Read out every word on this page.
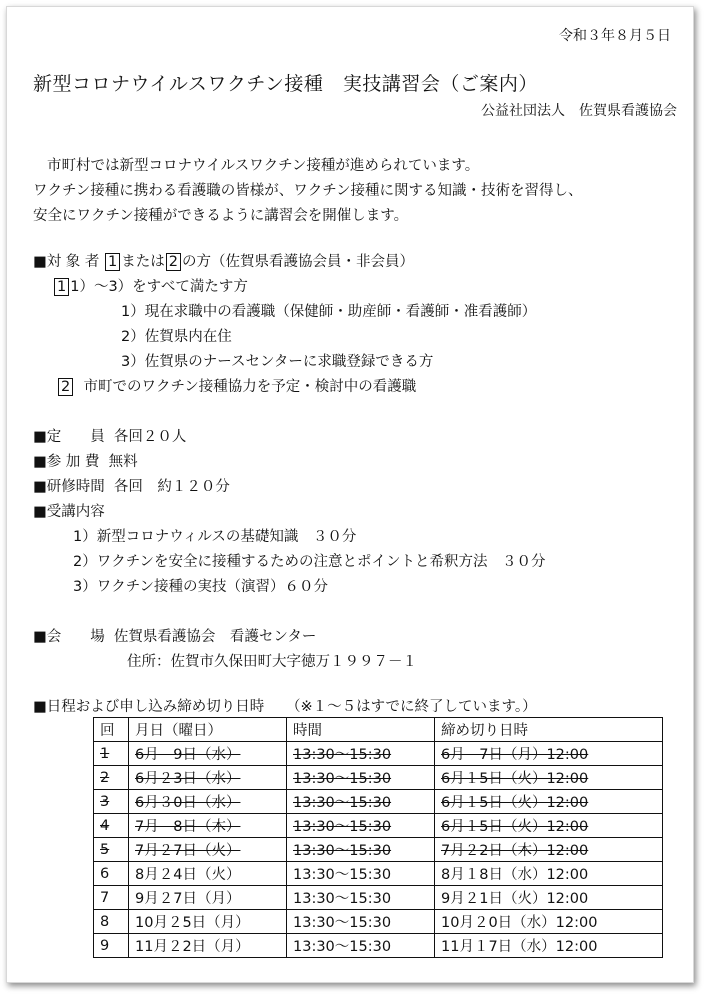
令和３年８月５日
新型コロナウイルスワクチン接種　実技講習会（ご案内）
公益社団法人　佐賀県看護協会
市町村では新型コロナウイルスワクチン接種が進められています。
ワクチン接種に携わる看護職の皆様が、ワクチン接種に関する知識・技術を習得し、
安全にワクチン接種ができるように講習会を開催します。
■対 象 者 1 または 2 の方（佐賀県看護協会員・非会員）
1 1）～3）をすべて満たす方
1）現在求職中の看護職（保健師・助産師・看護師・准看護師）
2）佐賀県内在住
3）佐賀県のナースセンターに求職登録できる方
2 市町でのワクチン接種協力を予定・検討中の看護職
■定　　員 各回２０人
■参 加 費 無料
■研修時間 各回　約１２０分
■受講内容
1）新型コロナウィルスの基礎知識　３０分
2）ワクチンを安全に接種するための注意とポイントと希釈方法　３０分
3）ワクチン接種の実技（演習）６０分
■会　　場 佐賀県看護協会　看護センター
住所：佐賀市久保田町大字徳万１９９７－１
■日程および申し込み締め切り日時　　（※１～５はすでに終了しています。）
回	月日（曜日）	時間	締め切り日時
1	6月　9日（水）	13:30～15:30	6月　7日（月）12:00
2	6月２3日（水）	13:30～15:30	6月１5日（火）12:00
3	6月３0日（水）	13:30～15:30	6月１5日（火）12:00
4	7月　8日（木）	13:30～15:30	6月１5日（火）12:00
5	7月２7日（火）	13:30～15:30	7月２2日（木）12:00
6	8月２4日（火）	13:30～15:30	8月１8日（水）12:00
7	9月２7日（月）	13:30～15:30	9月２1日（火）12:00
8	10月２5日（月）	13:30～15:30	10月２0日（水）12:00
9	11月２2日（月）	13:30～15:30	11月１7日（水）12:00
